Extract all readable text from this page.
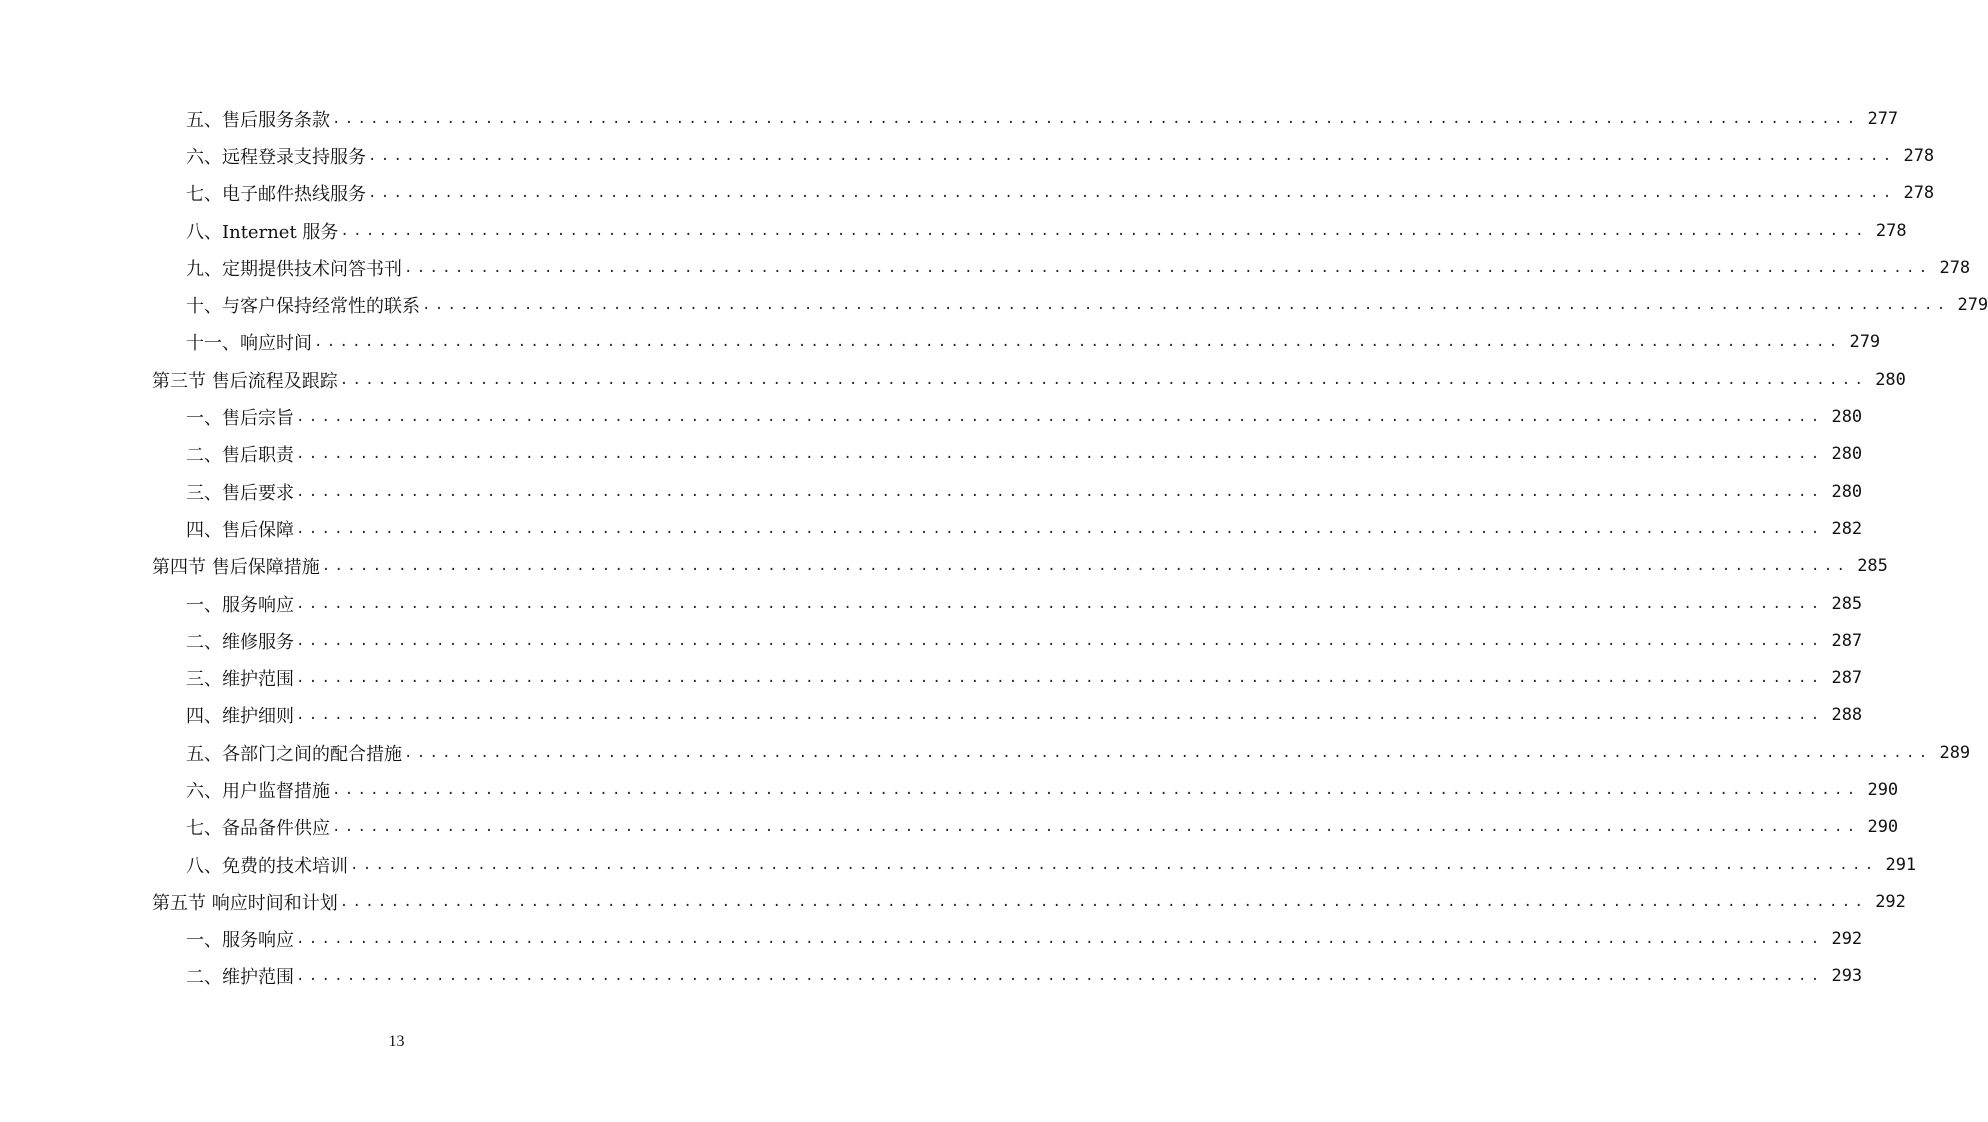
五、售后服务条款 ........................................................................................................................ 277
六、远程登录支持服务 ........................................................................................................................ 278
七、电子邮件热线服务 ........................................................................................................................ 278
八、Internet 服务 ........................................................................................................................ 278
九、定期提供技术问答书刊 ........................................................................................................................ 278
十、与客户保持经常性的联系 ........................................................................................................................ 279
十一、响应时间 ........................................................................................................................ 279
第三节 售后流程及跟踪 ........................................................................................................................ 280
一、售后宗旨 ........................................................................................................................ 280
二、售后职责 ........................................................................................................................ 280
三、售后要求 ........................................................................................................................ 280
四、售后保障 ........................................................................................................................ 282
第四节 售后保障措施 ........................................................................................................................ 285
一、服务响应 ........................................................................................................................ 285
二、维修服务 ........................................................................................................................ 287
三、维护范围 ........................................................................................................................ 287
四、维护细则 ........................................................................................................................ 288
五、各部门之间的配合措施 ........................................................................................................................ 289
六、用户监督措施 ........................................................................................................................ 290
七、备品备件供应 ........................................................................................................................ 290
八、免费的技术培训 ........................................................................................................................ 291
第五节 响应时间和计划 ........................................................................................................................ 292
一、服务响应 ........................................................................................................................ 292
二、维护范围 ........................................................................................................................ 293
13
